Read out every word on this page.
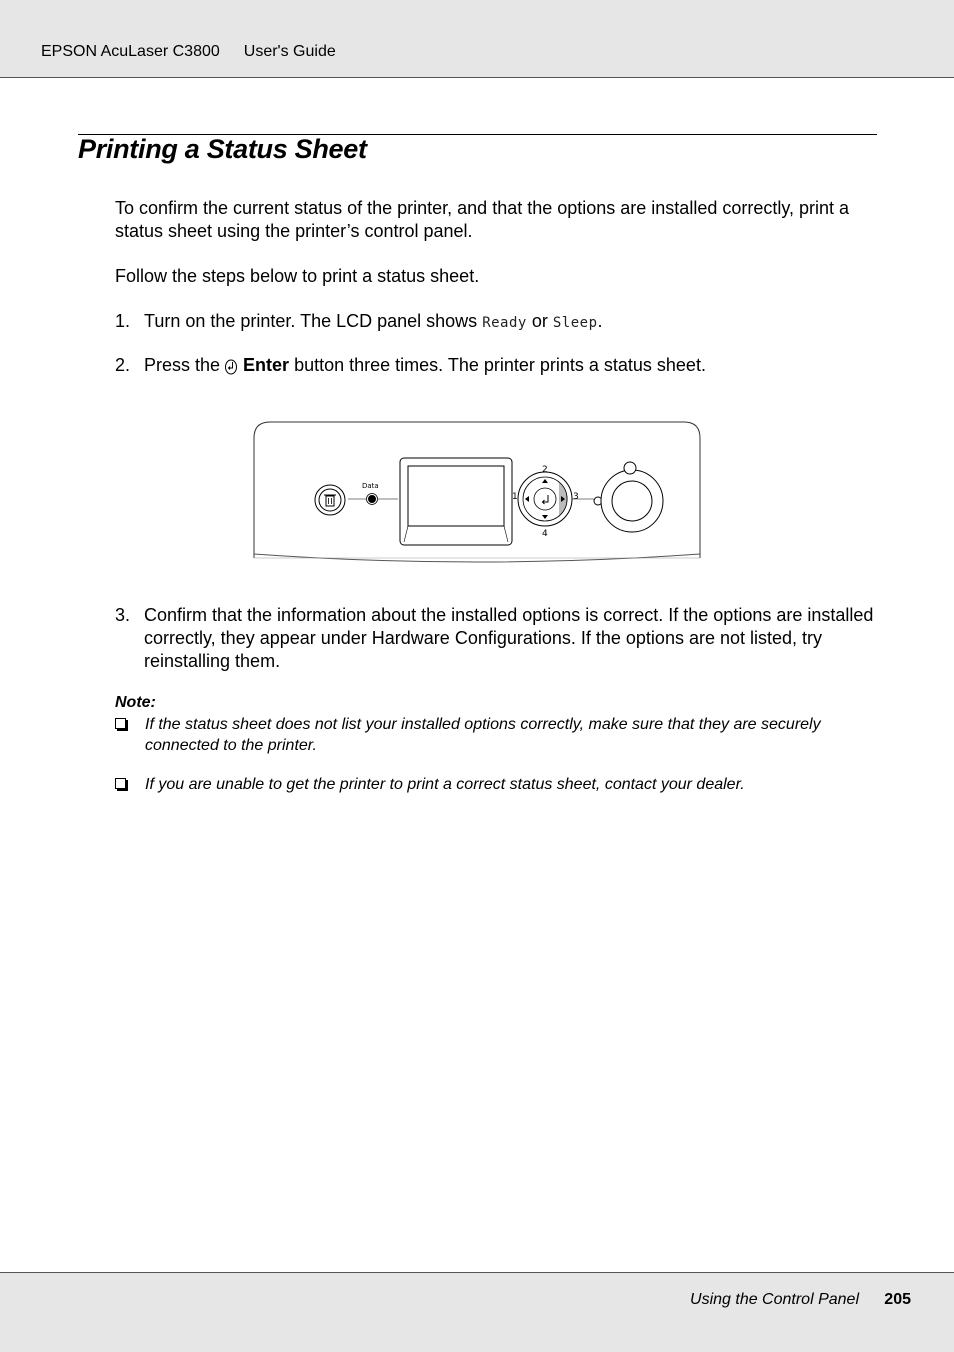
EPSON AcuLaser C3800 User's Guide
Printing a Status Sheet

To confirm the current status of the printer, and that the options are installed correctly, print a status sheet using the printer’s control panel.

Follow the steps below to print a status sheet.

1. Turn on the printer. The LCD panel shows Ready or Sleep.
2. Press the Enter button three times. The printer prints a status sheet.
Data
2
1	3
4
3. Confirm that the information about the installed options is correct. If the options are installed correctly, they appear under Hardware Configurations. If the options are not listed, try reinstalling them.
Note:
If the status sheet does not list your installed options correctly, make sure that they are securely connected to the printer.
If you are unable to get the printer to print a correct status sheet, contact your dealer.
Using the Control Panel 205
